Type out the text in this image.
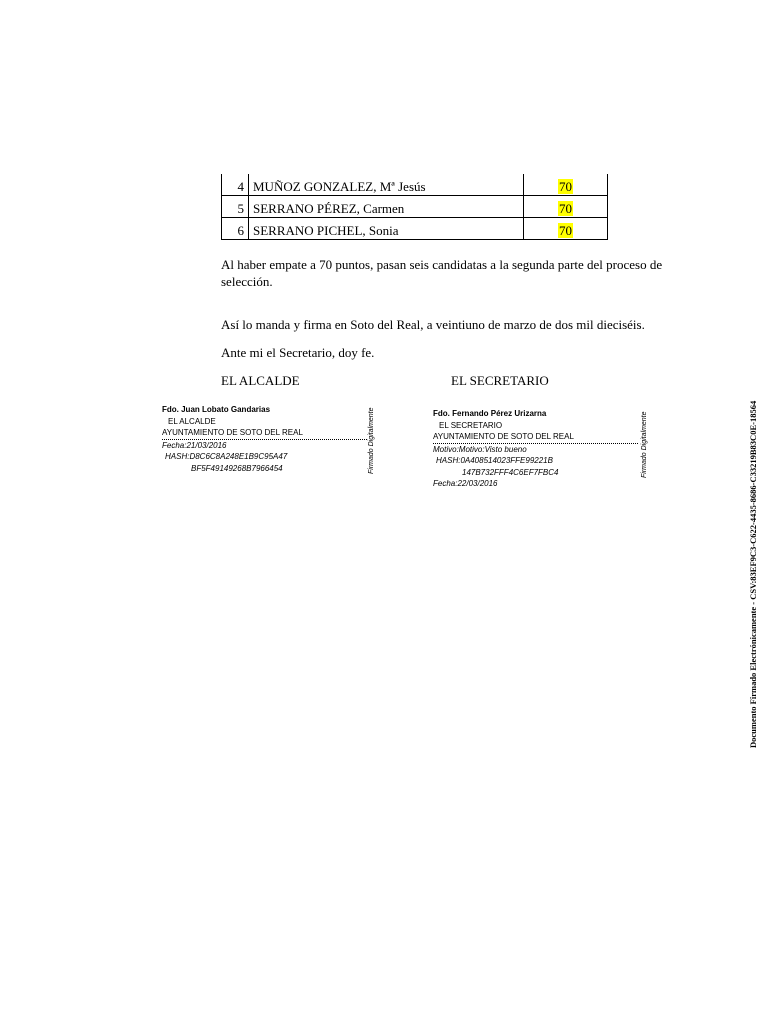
4	MUÑOZ GONZALEZ, Mª Jesús	70
5	SERRANO PÉREZ, Carmen	70
6	SERRANO PICHEL, Sonia	70
Al haber empate a 70 puntos, pasan seis candidatas a la segunda parte del proceso de selección.
Así lo manda y firma en Soto del Real, a veintiuno de marzo de dos mil dieciséis.
Ante mi el Secretario, doy fe.
EL ALCALDE	EL SECRETARIO
Fdo. Juan Lobato Gandarias
EL ALCALDE
AYUNTAMIENTO DE SOTO DEL REAL
Fecha:21/03/2016
HASH:D8C6C8A248E1B9C95A47
BF5F49149268B7966454	Firmado Digitalmente	Fdo. Fernando Pérez Urizarna
EL SECRETARIO
AYUNTAMIENTO DE SOTO DEL REAL
Motivo:Motivo:Visto bueno
HASH:0A408514023FFE99221B
147B732FFF4C6EF7FBC4
Fecha:22/03/2016
Firmado Digitalmente	Documento Firmado Electrónicamente - CSV:83EF9C3-C622-4435-8686-C33219B83C0E-18564
